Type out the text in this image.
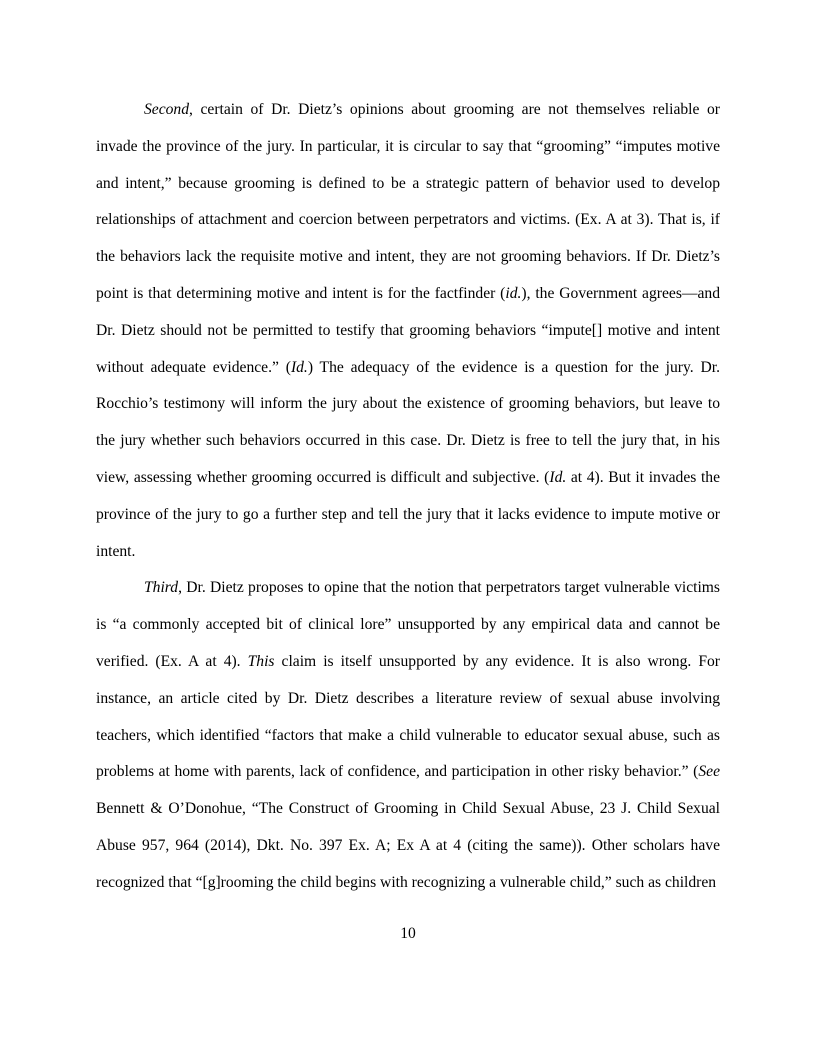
Second, certain of Dr. Dietz’s opinions about grooming are not themselves reliable or invade the province of the jury. In particular, it is circular to say that “grooming” “imputes motive and intent,” because grooming is defined to be a strategic pattern of behavior used to develop relationships of attachment and coercion between perpetrators and victims. (Ex. A at 3). That is, if the behaviors lack the requisite motive and intent, they are not grooming behaviors. If Dr. Dietz’s point is that determining motive and intent is for the factfinder (id.), the Government agrees—and Dr. Dietz should not be permitted to testify that grooming behaviors “impute[] motive and intent without adequate evidence.” (Id.) The adequacy of the evidence is a question for the jury. Dr. Rocchio’s testimony will inform the jury about the existence of grooming behaviors, but leave to the jury whether such behaviors occurred in this case. Dr. Dietz is free to tell the jury that, in his view, assessing whether grooming occurred is difficult and subjective. (Id. at 4). But it invades the province of the jury to go a further step and tell the jury that it lacks evidence to impute motive or intent.

Third, Dr. Dietz proposes to opine that the notion that perpetrators target vulnerable victims is “a commonly accepted bit of clinical lore” unsupported by any empirical data and cannot be verified. (Ex. A at 4). This claim is itself unsupported by any evidence. It is also wrong. For instance, an article cited by Dr. Dietz describes a literature review of sexual abuse involving teachers, which identified “factors that make a child vulnerable to educator sexual abuse, such as problems at home with parents, lack of confidence, and participation in other risky behavior.” (See Bennett & O’Donohue, “The Construct of Grooming in Child Sexual Abuse, 23 J. Child Sexual Abuse 957, 964 (2014), Dkt. No. 397 Ex. A; Ex A at 4 (citing the same)). Other scholars have recognized that “[g]rooming the child begins with recognizing a vulnerable child,” such as children

10
